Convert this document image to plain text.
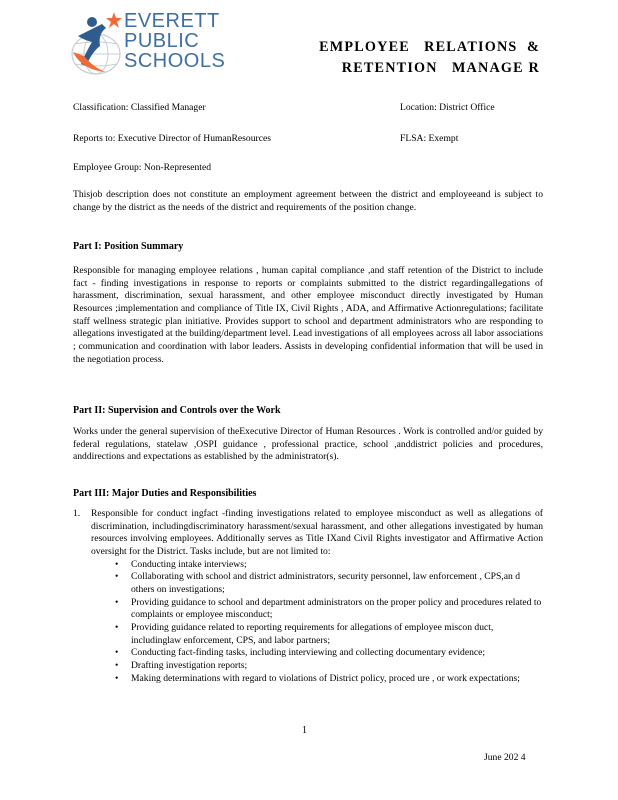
EVERETT
PUBLIC
SCHOOLS
EMPLOYEE   RELATIONS  &
RETENTION   MANAGE R
Classification: Classified Manager	Location: District Office
Reports to: Executive Director of HumanResources	FLSA: Exempt
Employee Group: Non-Represented
Thisjob description does not constitute an employment agreement between the district and employeeand is subject to change by the district as the needs of the district and requirements of the position change.
Part I: Position Summary
Responsible for managing employee relations , human capital compliance ,and staff retention of the District to include fact - finding investigations in response to reports or complaints submitted to the district regardingallegations of harassment, discrimination, sexual harassment, and other employee misconduct directly investigated by Human Resources ;implementation and compliance of Title IX, Civil Rights , ADA, and Affirmative Actionregulations; facilitate staff wellness strategic plan initiative. Provides support to school and department administrators who are responding to allegations investigated at the building/department level. Lead investigations of all employees across all labor associations ; communication and coordination with labor leaders. Assists in developing confidential information that will be used in the negotiation process.
Part II: Supervision and Controls over the Work
Works under the general supervision of theExecutive Director of Human Resources . Work is controlled and/or guided by federal regulations, statelaw ,OSPI guidance , professional practice, school ,anddistrict policies and procedures, anddirections and expectations as established by the administrator(s).
Part III: Major Duties and Responsibilities
1. Responsible for conduct ingfact -finding investigations related to employee misconduct as well as allegations of discrimination, includingdiscriminatory harassment/sexual harassment, and other allegations investigated by human resources involving employees. Additionally serves as Title IXand Civil Rights investigator and Affirmative Action oversight for the District. Tasks include, but are not limited to:
• Conducting intake interviews;
• Collaborating with school and district administrators, security personnel, law enforcement , CPS,an d others on investigations;
• Providing guidance to school and department administrators on the proper policy and procedures related to complaints or employee misconduct;
• Providing guidance related to reporting requirements for allegations of employee miscon duct, includinglaw enforcement, CPS, and labor partners;
• Conducting fact-finding tasks, including interviewing and collecting documentary evidence;
• Drafting investigation reports;
• Making determinations with regard to violations of District policy, proced ure , or work expectations;
1
June 202 4
